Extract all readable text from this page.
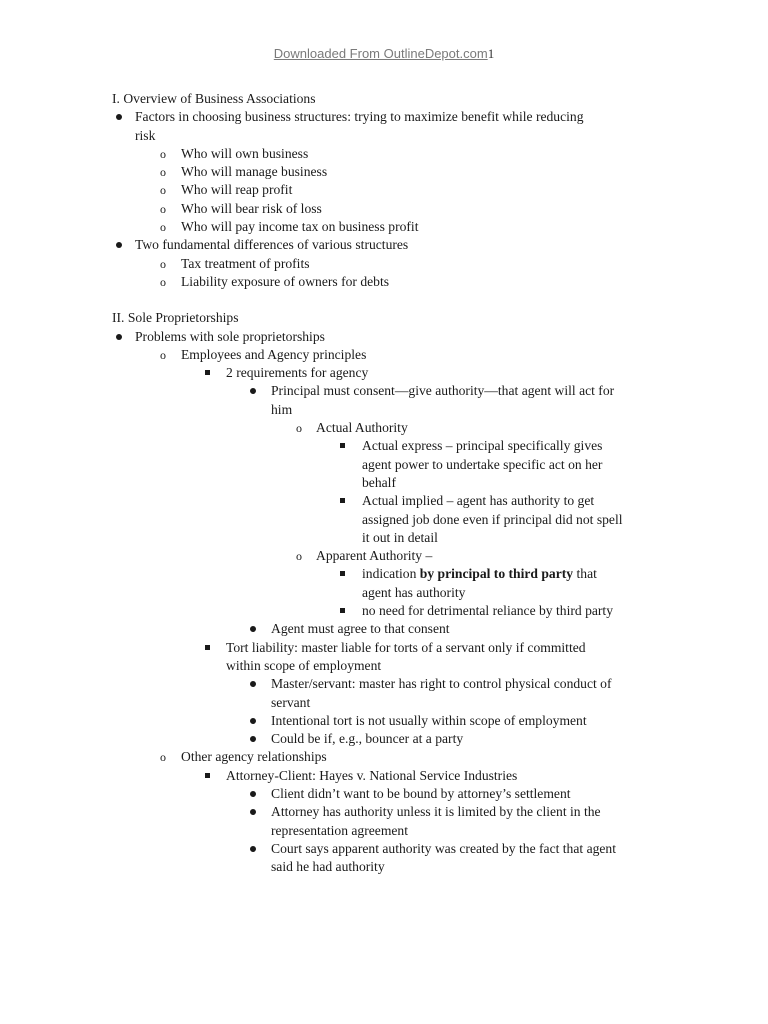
Downloaded From OutlineDepot.com1
I. Overview of Business Associations
Factors in choosing business structures: trying to maximize benefit while reducing
risk
o Who will own business
o Who will manage business
o Who will reap profit
o Who will bear risk of loss
o Who will pay income tax on business profit
Two fundamental differences of various structures
o Tax treatment of profits
o Liability exposure of owners for debts
II. Sole Proprietorships
Problems with sole proprietorships
o Employees and Agency principles
2 requirements for agency
Principal must consent—give authority—that agent will act for
him
o Actual Authority
Actual express – principal specifically gives
agent power to undertake specific act on her
behalf
Actual implied – agent has authority to get
assigned job done even if principal did not spell
it out in detail
o Apparent Authority –
indication by principal to third party that
agent has authority
no need for detrimental reliance by third party
Agent must agree to that consent
Tort liability: master liable for torts of a servant only if committed
within scope of employment
Master/servant: master has right to control physical conduct of
servant
Intentional tort is not usually within scope of employment
Could be if, e.g., bouncer at a party
o Other agency relationships
Attorney-Client: Hayes v. National Service Industries
Client didn’t want to be bound by attorney’s settlement
Attorney has authority unless it is limited by the client in the
representation agreement
Court says apparent authority was created by the fact that agent
said he had authority
